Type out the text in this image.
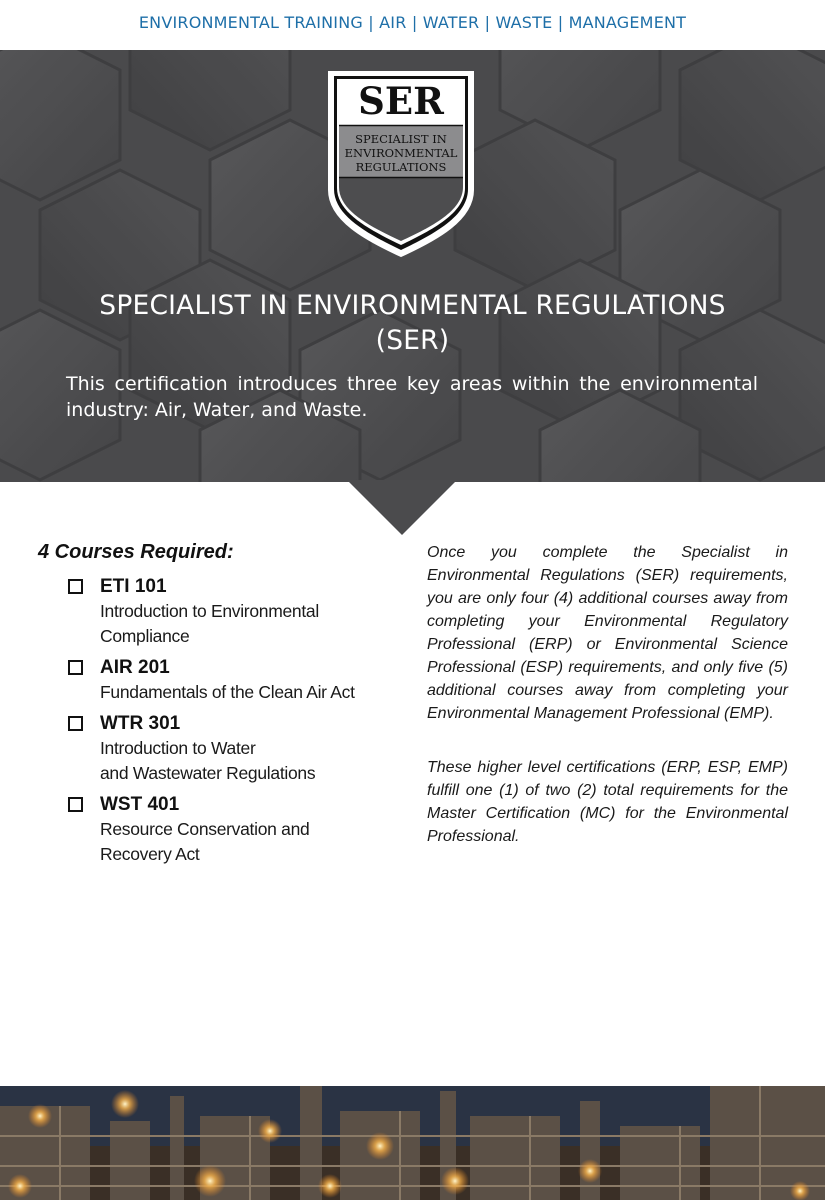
ENVIRONMENTAL TRAINING | AIR | WATER | WASTE | MANAGEMENT
SER
SPECIALIST IN
ENVIRONMENTAL
REGULATIONS
SPECIALIST IN ENVIRONMENTAL REGULATIONS
(SER)
This certification introduces three key areas within the environmental industry: Air, Water, and Waste.
4 Courses Required:
ETI 101
Introduction to Environmental
Compliance
AIR 201
Fundamentals of the Clean Air Act
WTR 301
Introduction to Water
and Wastewater Regulations
WST 401
Resource Conservation and
Recovery Act

Once you complete the Specialist in Environmental Regulations (SER) requirements, you are only four (4) additional courses away from completing your Environmental Regulatory Professional (ERP) or Environmental Science Professional (ESP) requirements, and only five (5) additional courses away from completing your Environmental Management Professional (EMP).

These higher level certifications (ERP, ESP, EMP) fulfill one (1) of two (2) total requirements for the Master Certification (MC) for the Environmental Professional.
